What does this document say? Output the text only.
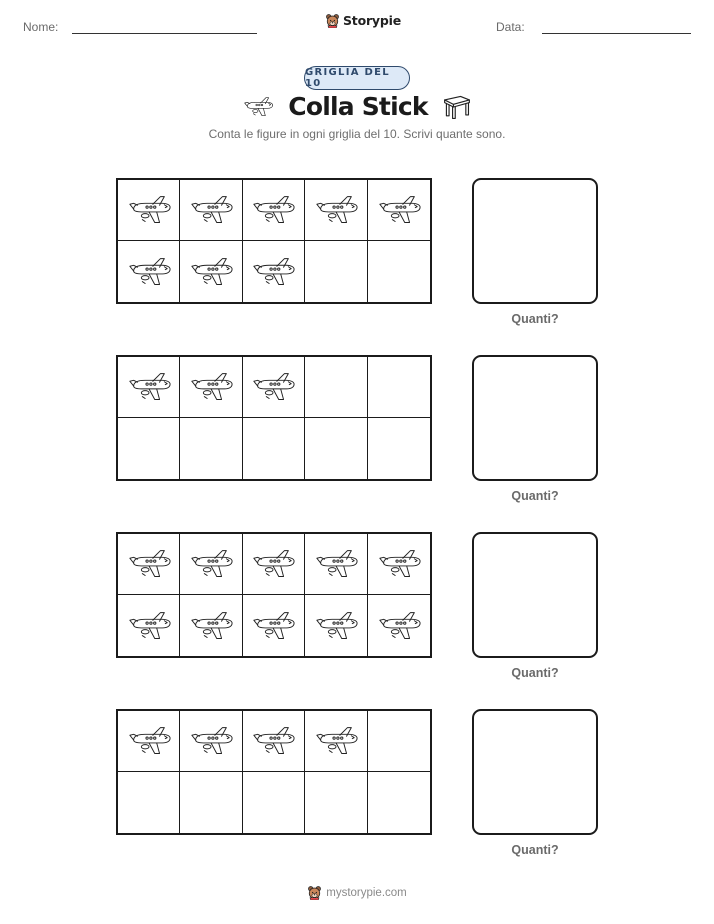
Nome:	Storypie	Data:
GRIGLIA DEL 10
Colla Stick
Conta le figure in ogni griglia del 10. Scrivi quante sono.
Quanti?
Quanti?
Quanti?
Quanti?
mystorypie.com
